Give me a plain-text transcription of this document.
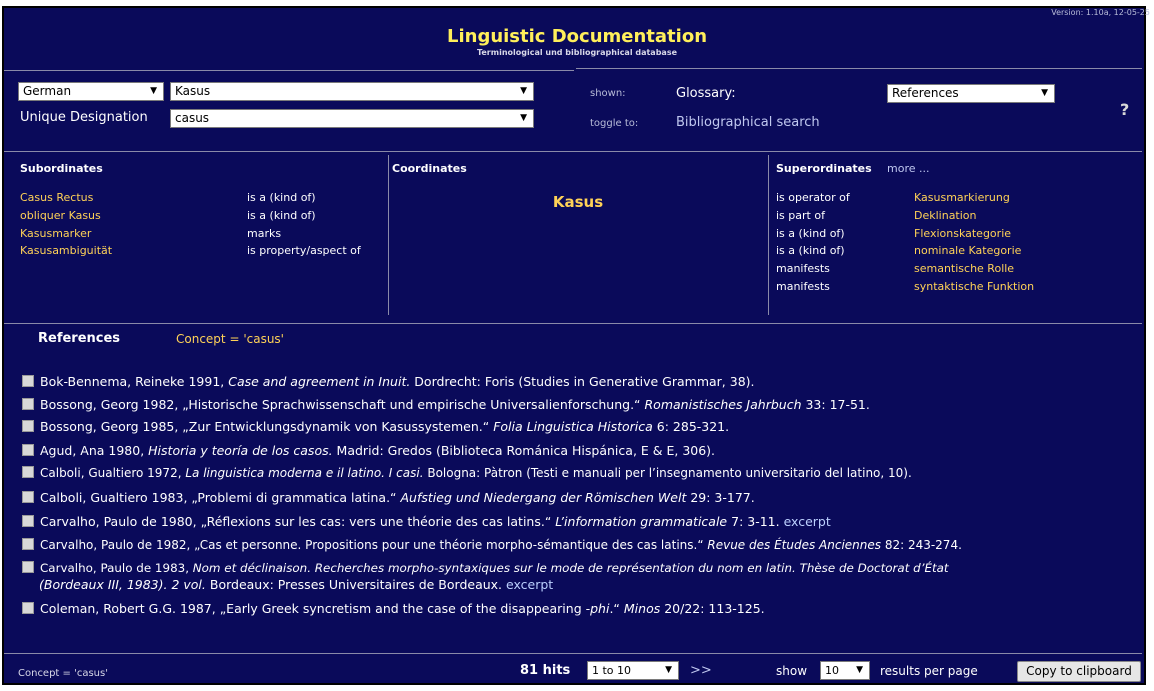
Version: 1.10a, 12-05-25
Linguistic Documentation
Terminological und bibliographical database
German	▼	Kasus	▼
Unique Designation	casus	▼
shown:	Glossary:
toggle to:	Bibliographical search
References	▼
?
Subordinates
Casus Rectus	is a (kind of)
obliquer Kasus	is a (kind of)
Kasusmarker	marks
Kasusambiguität	is property/aspect of
Coordinates
Kasus
Superordinates more ...
is operator of	Kasusmarkierung
is part of	Deklination
is a (kind of)	Flexionskategorie
is a (kind of)	nominale Kategorie
manifests	semantische Rolle
manifests	syntaktische Funktion
References	Concept = 'casus'
Bok-Bennema, Reineke 1991, Case and agreement in Inuit. Dordrecht: Foris (Studies in Generative Grammar, 38).
Bossong, Georg 1982, „Historische Sprachwissenschaft und empirische Universalienforschung.“ Romanistisches Jahrbuch 33: 17-51.
Bossong, Georg 1985, „Zur Entwicklungsdynamik von Kasussystemen.“ Folia Linguistica Historica 6: 285-321.
Agud, Ana 1980, Historia y teoría de los casos. Madrid: Gredos (Biblioteca Románica Hispánica, E & E, 306).
Calboli, Gualtiero 1972, La linguistica moderna e il latino. I casi. Bologna: Pàtron (Testi e manuali per l’insegnamento universitario del latino, 10).
Calboli, Gualtiero 1983, „Problemi di grammatica latina.“ Aufstieg und Niedergang der Römischen Welt 29: 3-177.
Carvalho, Paulo de 1980, „Réflexions sur les cas: vers une théorie des cas latins.“ L’information grammaticale 7: 3-11. excerpt
Carvalho, Paulo de 1982, „Cas et personne. Propositions pour une théorie morpho-sémantique des cas latins.“ Revue des Études Anciennes 82: 243-274.
Carvalho, Paulo de 1983, Nom et déclinaison. Recherches morpho-syntaxiques sur le mode de représentation du nom en latin. Thèse de Doctorat d’État
(Bordeaux III, 1983). 2 vol. Bordeaux: Presses Universitaires de Bordeaux. excerpt
Coleman, Robert G.G. 1987, „Early Greek syncretism and the case of the disappearing -phi.“ Minos 20/22: 113-125.
Concept = 'casus'	81 hits	1 to 10	▼ >>	show	10 ▼ results per page	Copy to clipboard
